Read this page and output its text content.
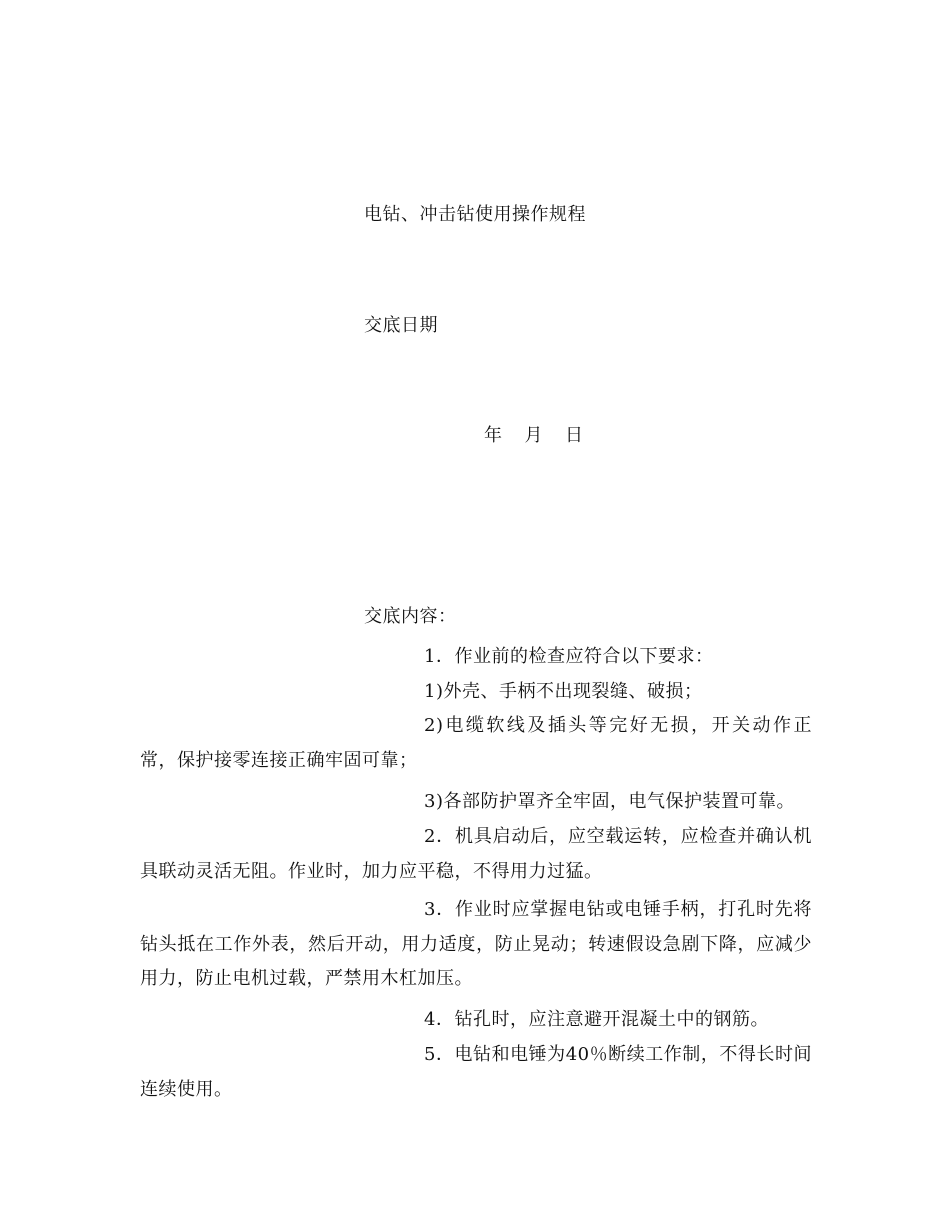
电钻、冲击钻使用操作规程
交底日期
年 月 日
交底内容：

1．作业前的检查应符合以下要求：

1)外壳、手柄不出现裂缝、破损；

2)电缆软线及插头等完好无损，开关动作正常，保护接零连接正确牢固可靠；

3)各部防护罩齐全牢固，电气保护装置可靠。

2．机具启动后，应空载运转，应检查并确认机具联动灵活无阻。作业时，加力应平稳，不得用力过猛。

3．作业时应掌握电钻或电锤手柄，打孔时先将钻头抵在工作外表，然后开动，用力适度，防止晃动；转速假设急剧下降，应减少用力，防止电机过载，严禁用木杠加压。

4．钻孔时，应注意避开混凝土中的钢筋。

5．电钻和电锤为40％断续工作制，不得长时间连续使用。
